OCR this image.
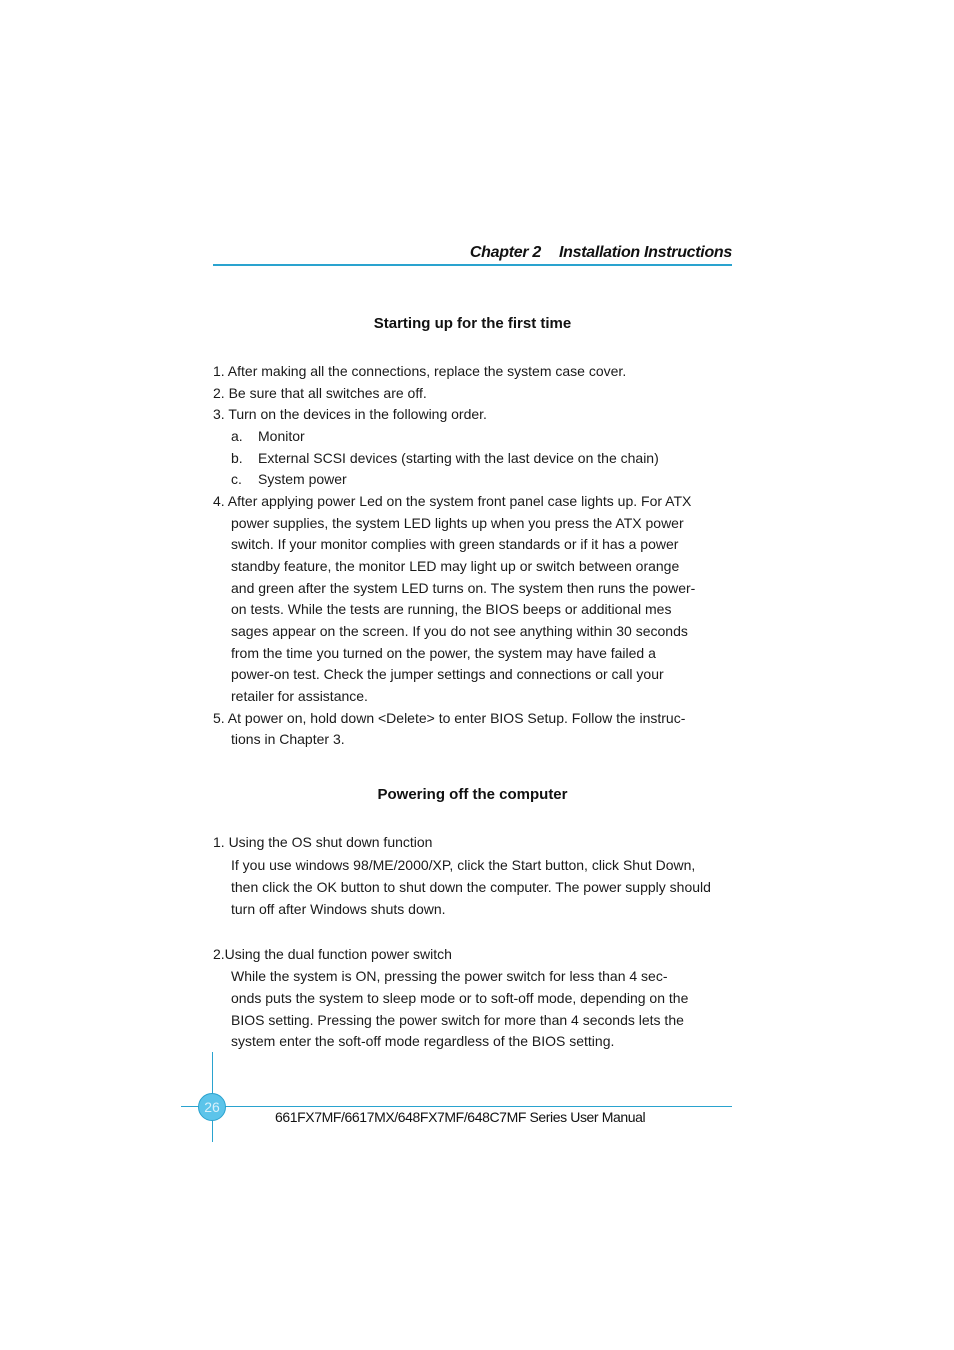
Chapter 2 Installation Instructions
Starting up for the first time
1. After making all the connections, replace the system case cover.
2. Be sure that all switches are off.
3. Turn on the devices in the following order.
a. Monitor
b. External SCSI devices (starting with the last device on the chain)
c. System power
4. After applying power Led on the system front panel case lights up. For ATX
power supplies, the system LED lights up when you press the ATX power
switch. If your monitor complies with green standards or if it has a power
standby feature, the monitor LED may light up or switch between orange
and green after the system LED turns on. The system then runs the power-
on tests. While the tests are running, the BIOS beeps or additional mes
sages appear on the screen. If you do not see anything within 30 seconds
from the time you turned on the power, the system may have failed a
power-on test. Check the jumper settings and connections or call your
retailer for assistance.
5. At power on, hold down <Delete> to enter BIOS Setup. Follow the instruc-
tions in Chapter 3.
Powering off the computer
1. Using the OS shut down function
If you use windows 98/ME/2000/XP, click the Start button, click Shut Down,
then click the OK button to shut down the computer. The power supply should
turn off after Windows shuts down.
2.Using the dual function power switch
While the system is ON, pressing the power switch for less than 4 sec-
onds puts the system to sleep mode or to soft-off mode, depending on the
BIOS setting. Pressing the power switch for more than 4 seconds lets the
system enter the soft-off mode regardless of the BIOS setting.
26
661FX7MF/6617MX/648FX7MF/648C7MF Series User Manual
